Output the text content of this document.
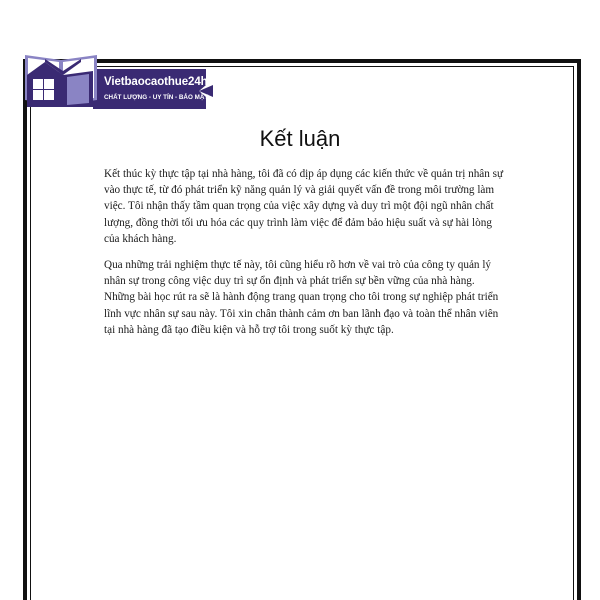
Vietbaocaothue24h
CHẤT LƯỢNG - UY TÍN - BẢO MẬT
Kết luận

Kết thúc kỳ thực tập tại nhà hàng, tôi đã có dịp áp dụng các kiến thức về quản trị nhân sự vào thực tế, từ đó phát triển kỹ năng quản lý và giải quyết vấn đề trong môi trường làm việc. Tôi nhận thấy tầm quan trọng của việc xây dựng và duy trì một đội ngũ nhân chất lượng, đồng thời tối ưu hóa các quy trình làm việc để đảm bảo hiệu suất và sự hài lòng của khách hàng.

Qua những trải nghiệm thực tế này, tôi cũng hiểu rõ hơn về vai trò của công ty quản lý nhân sự trong công việc duy trì sự ổn định và phát triển sự bền vững của nhà hàng. Những bài học rút ra sẽ là hành động trang quan trọng cho tôi trong sự nghiệp phát triển lĩnh vực nhân sự sau này. Tôi xin chân thành cảm ơn ban lãnh đạo và toàn thể nhân viên tại nhà hàng đã tạo điều kiện và hỗ trợ tôi trong suốt kỳ thực tập.
